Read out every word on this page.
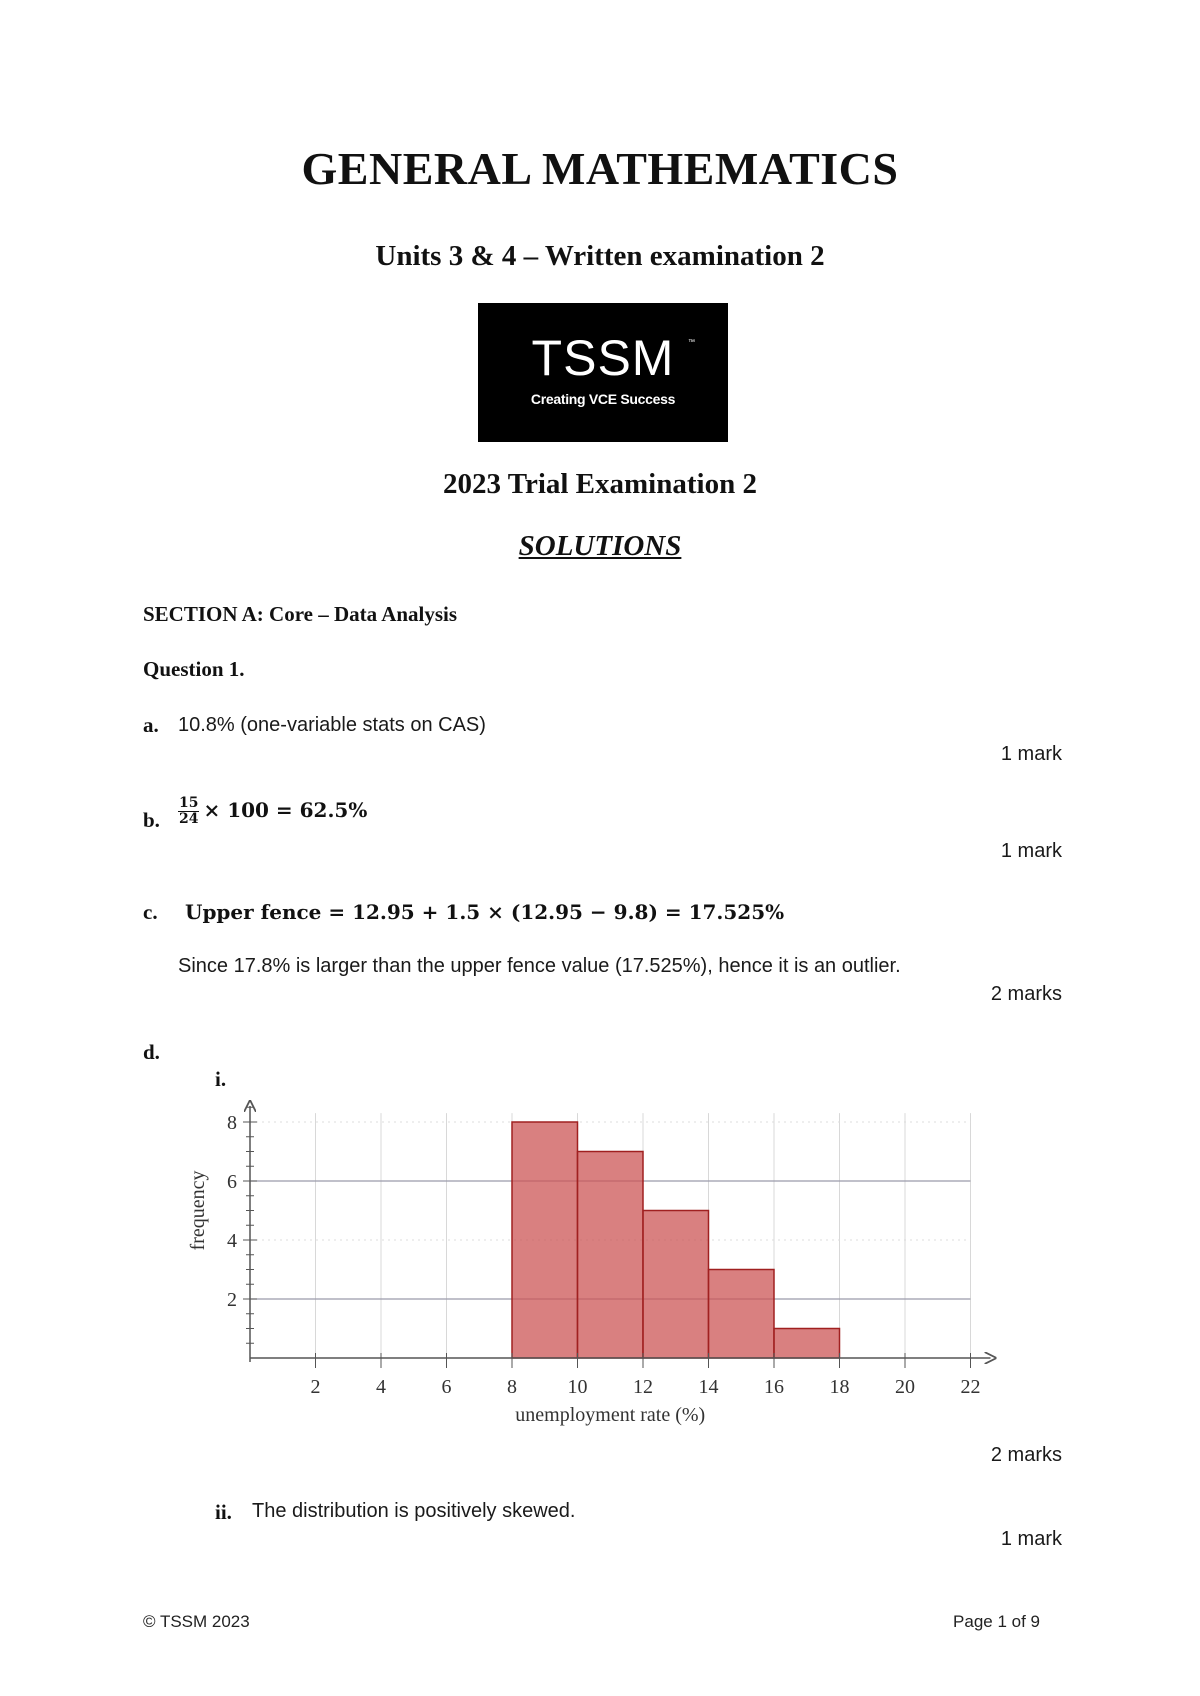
GENERAL MATHEMATICS
Units 3 & 4 – Written examination 2
TSSM	™
Creating VCE Success
2023 Trial Examination 2
SOLUTIONS
SECTION A: Core – Data Analysis
Question 1.
a. 10.8% (one-variable stats on CAS)
1 mark
b. $\frac{15}{24} \times 100 = 62.5\%$
1 mark
c. Upper fence = 12.95 + 1.5 × (12.95 − 9.8) = 17.525%
Since 17.8% is larger than the upper fence value (17.525%), hence it is an outlier.
2 marks
d.
i.
2
4
6
8
2	4	6	8	10 12 14 16 18 20 22
unemployment rate (%)
frequency
2 marks
ii. The distribution is positively skewed.
1 mark
© TSSM 2023	Page 1 of 9
